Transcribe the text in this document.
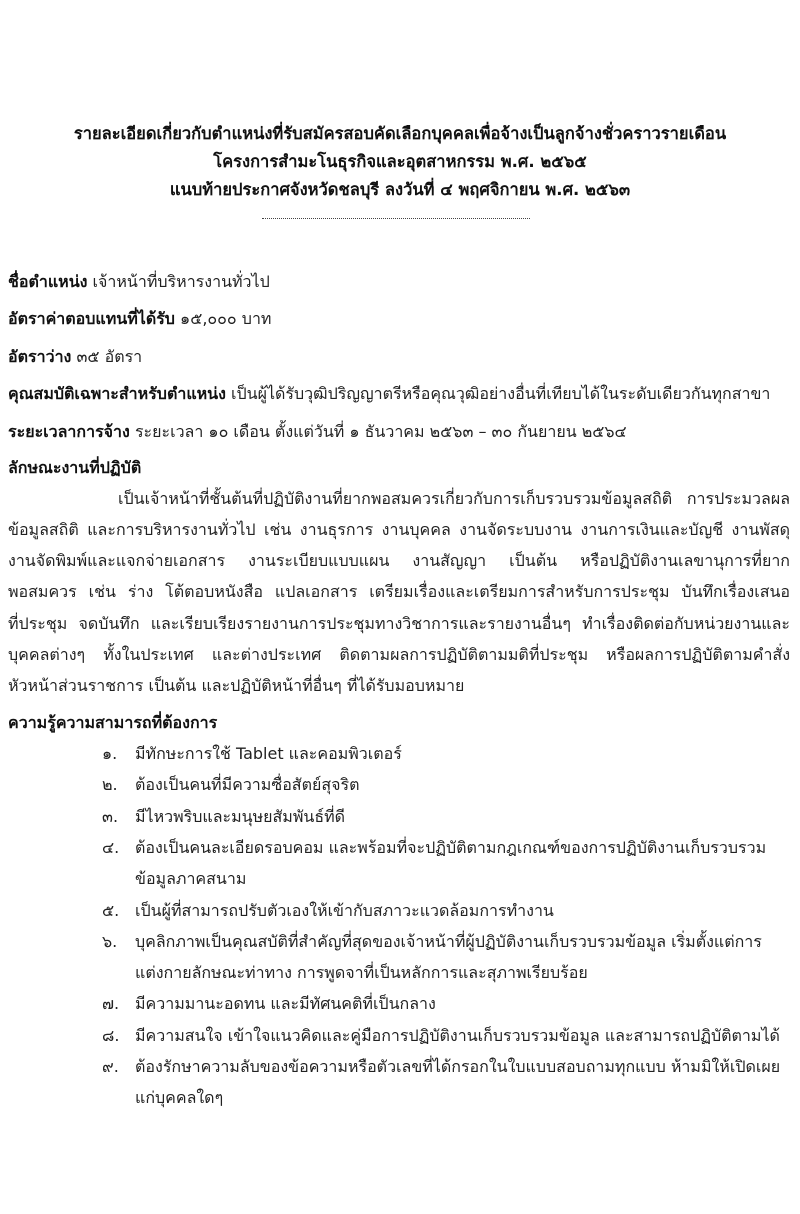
รายละเอียดเกี่ยวกับตำแหน่งที่รับสมัครสอบคัดเลือกบุคคลเพื่อจ้างเป็นลูกจ้างชั่วคราวรายเดือน
โครงการสำมะโนธุรกิจและอุตสาหกรรม พ.ศ. ๒๕๖๕
แนบท้ายประกาศจังหวัดชลบุรี ลงวันที่ ๔ พฤศจิกายน พ.ศ. ๒๕๖๓
ชื่อตำแหน่ง เจ้าหน้าที่บริหารงานทั่วไป
อัตราค่าตอบแทนที่ได้รับ ๑๕,๐๐๐ บาท
อัตราว่าง ๓๕ อัตรา
คุณสมบัติเฉพาะสำหรับตำแหน่ง เป็นผู้ได้รับวุฒิปริญญาตรีหรือคุณวุฒิอย่างอื่นที่เทียบได้ในระดับเดียวกันทุกสาขา
ระยะเวลาการจ้าง ระยะเวลา ๑๐ เดือน ตั้งแต่วันที่ ๑ ธันวาคม ๒๕๖๓ – ๓๐ กันยายน ๒๕๖๔
ลักษณะงานที่ปฏิบัติ
เป็นเจ้าหน้าที่ชั้นต้นที่ปฏิบัติงานที่ยากพอสมควรเกี่ยวกับการเก็บรวบรวมข้อมูลสถิติ การประมวลผล
ข้อมูลสถิติ และการบริหารงานทั่วไป เช่น งานธุรการ งานบุคคล งานจัดระบบงาน งานการเงินและบัญชี งานพัสดุ
งานจัดพิมพ์และแจกจ่ายเอกสาร งานระเบียบแบบแผน งานสัญญา เป็นต้น หรือปฏิบัติงานเลขานุการที่ยาก
พอสมควร เช่น ร่าง โต้ตอบหนังสือ แปลเอกสาร เตรียมเรื่องและเตรียมการสำหรับการประชุม บันทึกเรื่องเสนอ
ที่ประชุม จดบันทึก และเรียบเรียงรายงานการประชุมทางวิชาการและรายงานอื่นๆ ทำเรื่องติดต่อกับหน่วยงานและ
บุคคลต่างๆ ทั้งในประเทศ และต่างประเทศ ติดตามผลการปฏิบัติตามมติที่ประชุม หรือผลการปฏิบัติตามคำสั่ง
หัวหน้าส่วนราชการ เป็นต้น และปฏิบัติหน้าที่อื่นๆ ที่ได้รับมอบหมาย
ความรู้ความสามารถที่ต้องการ
๑. มีทักษะการใช้ Tablet และคอมพิวเตอร์
๒. ต้องเป็นคนที่มีความซื่อสัตย์สุจริต
๓. มีไหวพริบและมนุษยสัมพันธ์ที่ดี
๔. ต้องเป็นคนละเอียดรอบคอม และพร้อมที่จะปฏิบัติตามกฎเกณฑ์ของการปฏิบัติงานเก็บรวบรวม
ข้อมูลภาคสนาม
๕. เป็นผู้ที่สามารถปรับตัวเองให้เข้ากับสภาวะแวดล้อมการทำงาน
๖. บุคลิกภาพเป็นคุณสบัติที่สำคัญที่สุดของเจ้าหน้าที่ผู้ปฏิบัติงานเก็บรวบรวมข้อมูล เริ่มตั้งแต่การ
แต่งกายลักษณะท่าทาง การพูดจาที่เป็นหลักการและสุภาพเรียบร้อย
๗. มีความมานะอดทน และมีทัศนคติที่เป็นกลาง
๘. มีความสนใจ เข้าใจแนวคิดและคู่มือการปฏิบัติงานเก็บรวบรวมข้อมูล และสามารถปฏิบัติตามได้
๙. ต้องรักษาความลับของข้อความหรือตัวเลขที่ได้กรอกในใบแบบสอบถามทุกแบบ ห้ามมิให้เปิดเผย
แก่บุคคลใดๆ
